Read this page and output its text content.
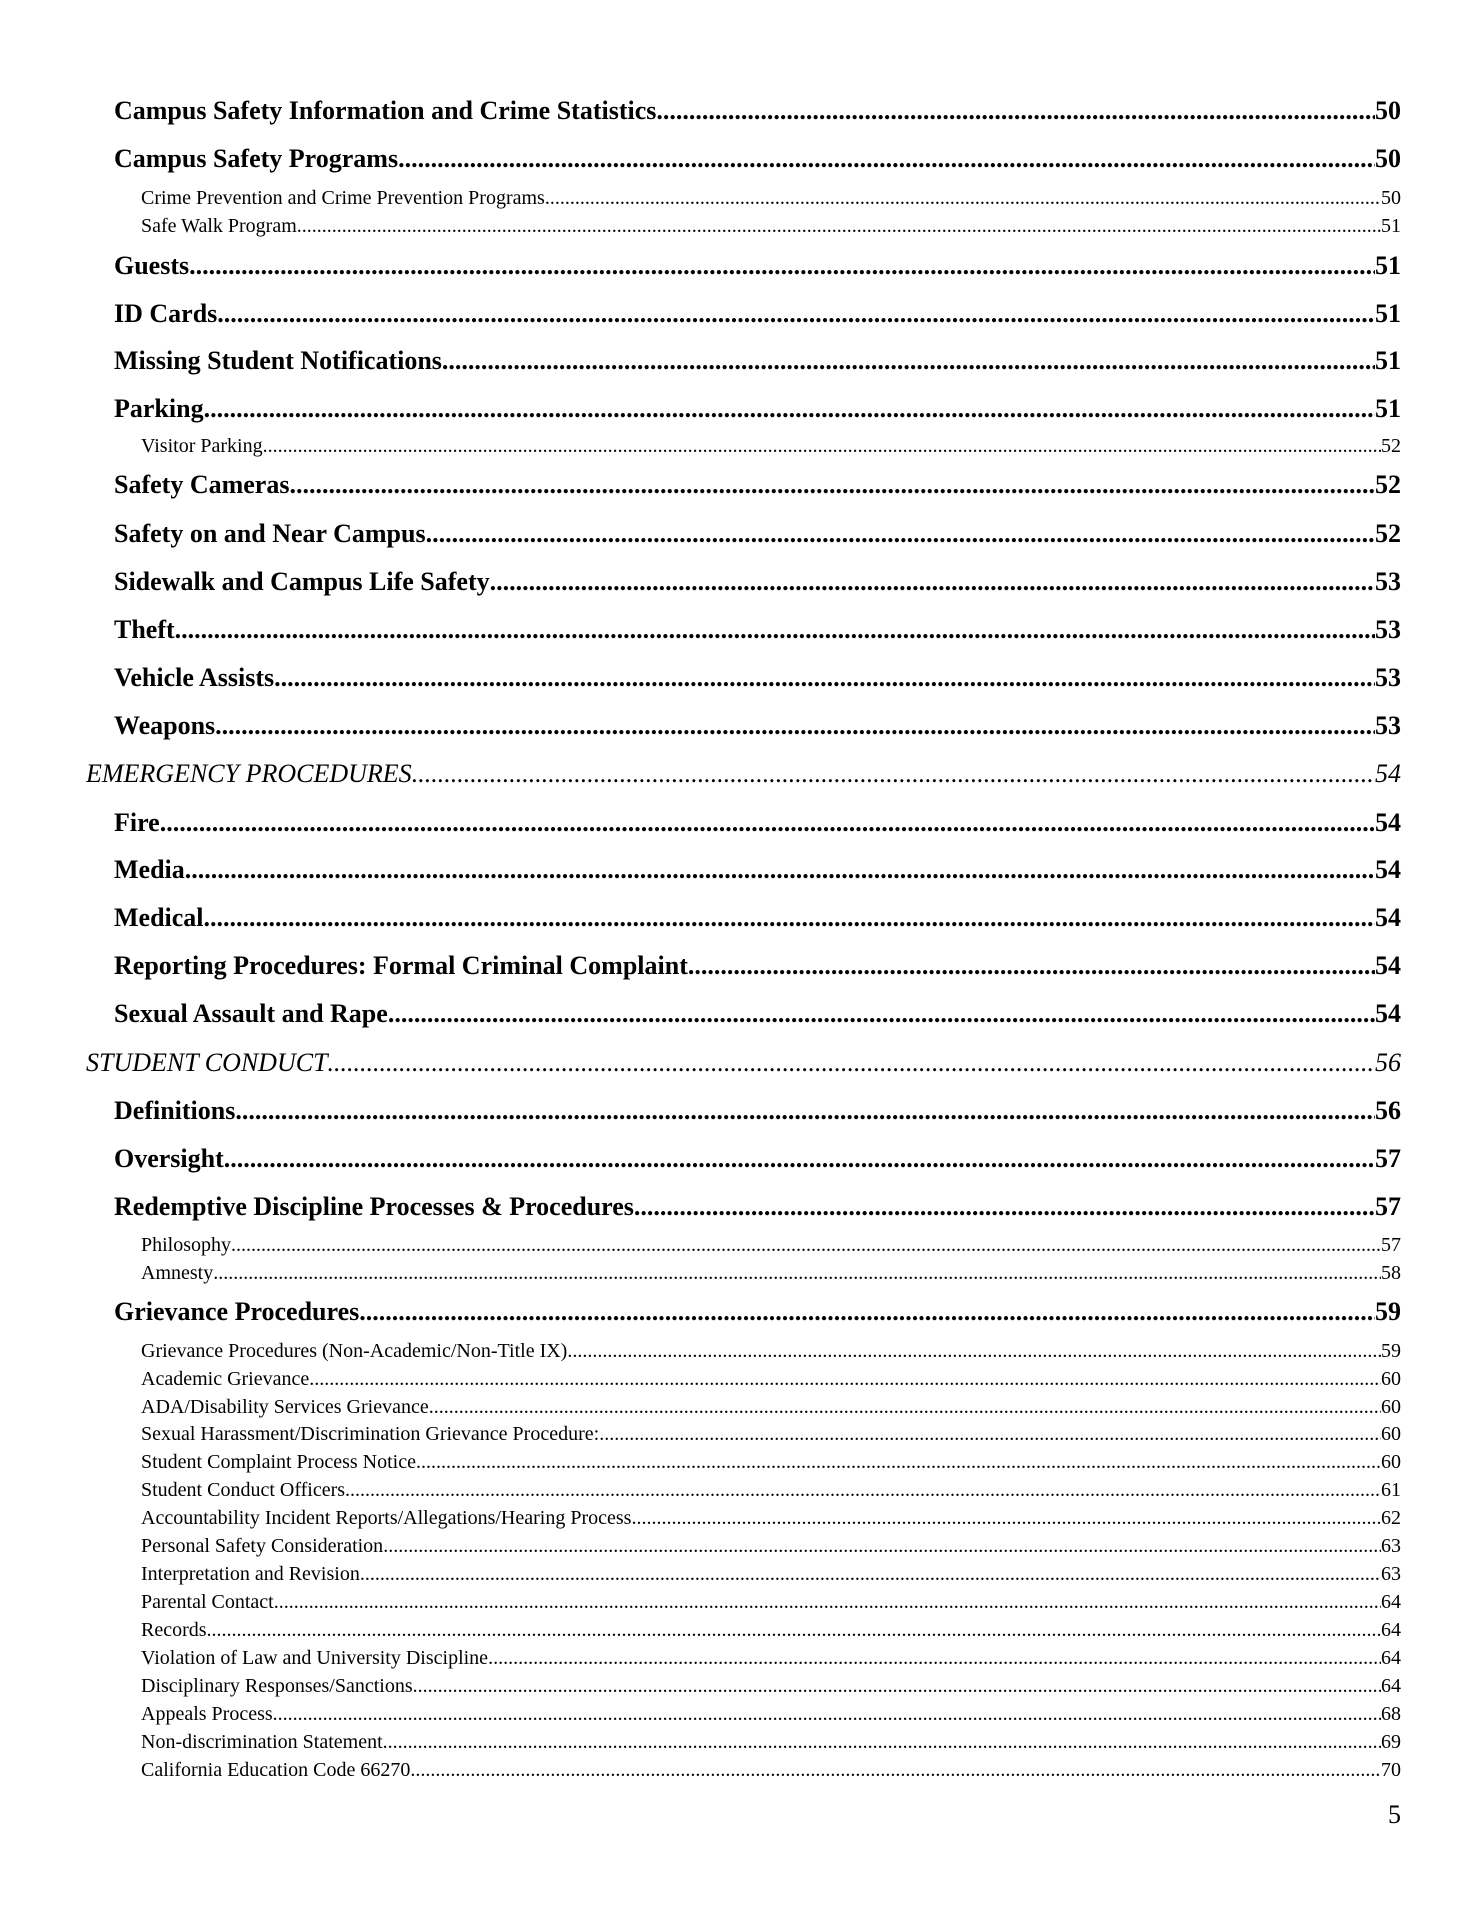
Campus Safety Information and Crime Statistics .....	50
Campus Safety Programs .....	50
Crime Prevention and Crime Prevention Programs .....	50
Safe Walk Program .....	51
Guests .....	51
ID Cards .....	51
Missing Student Notifications .....	51
Parking .....	51
Visitor Parking .....	52
Safety Cameras .....	52
Safety on and Near Campus .....	52
Sidewalk and Campus Life Safety .....	53
Theft .....	53
Vehicle Assists .....	53
Weapons .....	53
EMERGENCY PROCEDURES .....	54
Fire .....	54
Media .....	54
Medical .....	54
Reporting Procedures: Formal Criminal Complaint .....	54
Sexual Assault and Rape .....	54
STUDENT CONDUCT .....	56
Definitions .....	56
Oversight .....	57
Redemptive Discipline Processes & Procedures .....	57
Philosophy .....	57
Amnesty .....	58
Grievance Procedures .....	59
Grievance Procedures (Non-Academic/Non-Title IX) .....	59
Academic Grievance .....	60
ADA/Disability Services Grievance .....	60
Sexual Harassment/Discrimination Grievance Procedure: .....	60
Student Complaint Process Notice .....	60
Student Conduct Officers .....	61
Accountability Incident Reports/Allegations/Hearing Process .....	62
Personal Safety Consideration .....	63
Interpretation and Revision .....	63
Parental Contact .....	64
Records .....	64
Violation of Law and University Discipline .....	64
Disciplinary Responses/Sanctions .....	64
Appeals Process .....	68
Non-discrimination Statement .....	69
California Education Code 66270 .....	70
5
